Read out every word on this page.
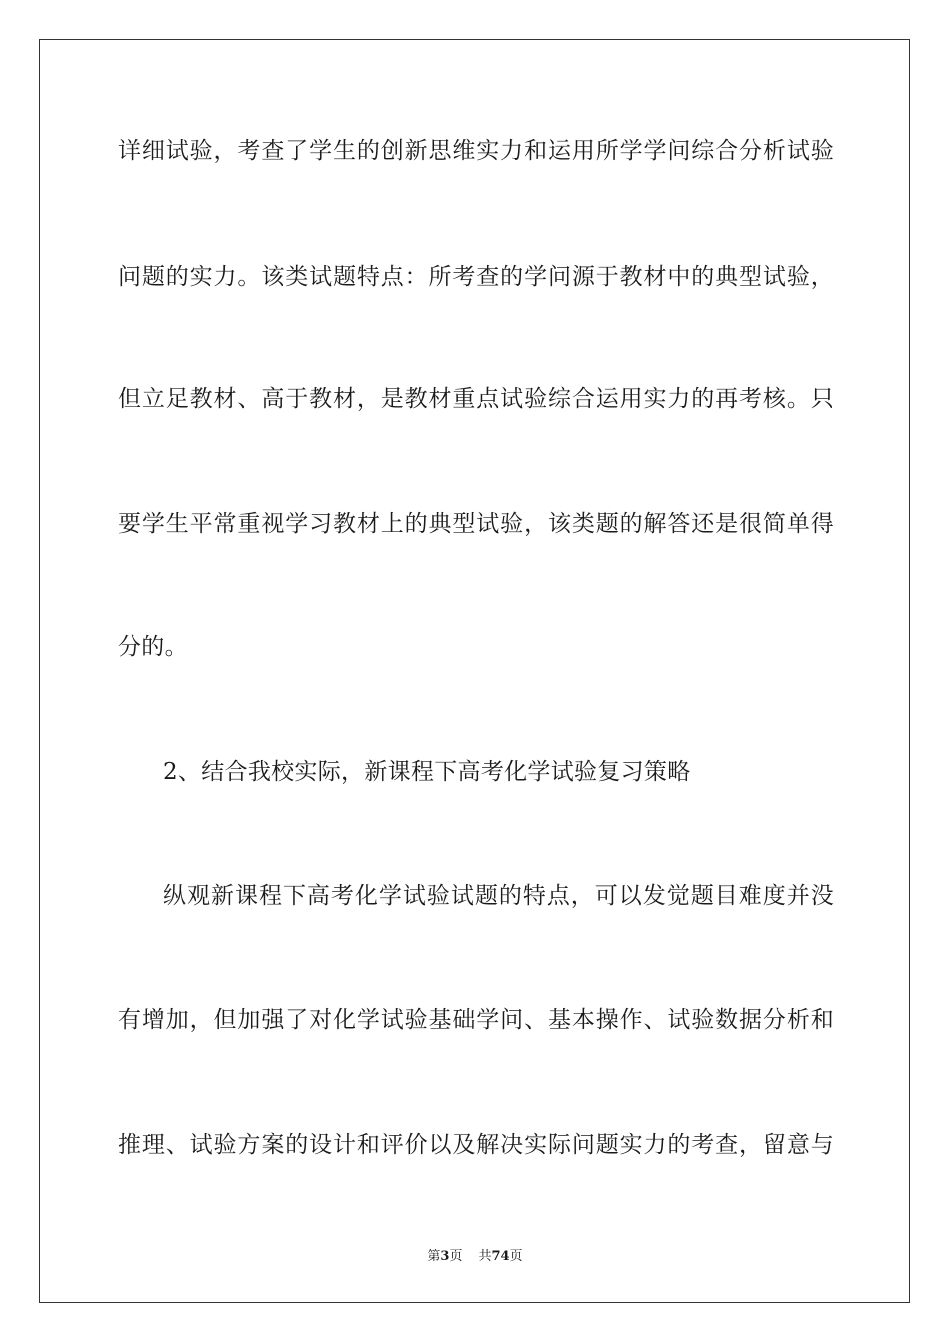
详细试验，考查了学生的创新思维实力和运用所学学问综合分析试验
问题的实力。该类试题特点：所考查的学问源于教材中的典型试验，
但立足教材、高于教材，是教材重点试验综合运用实力的再考核。只
要学生平常重视学习教材上的典型试验，该类题的解答还是很简单得
分的。
2、结合我校实际，新课程下高考化学试验复习策略
纵观新课程下高考化学试验试题的特点，可以发觉题目难度并没
有增加，但加强了对化学试验基础学问、基本操作、试验数据分析和
推理、试验方案的设计和评价以及解决实际问题实力的考查，留意与
第3页 共74页
